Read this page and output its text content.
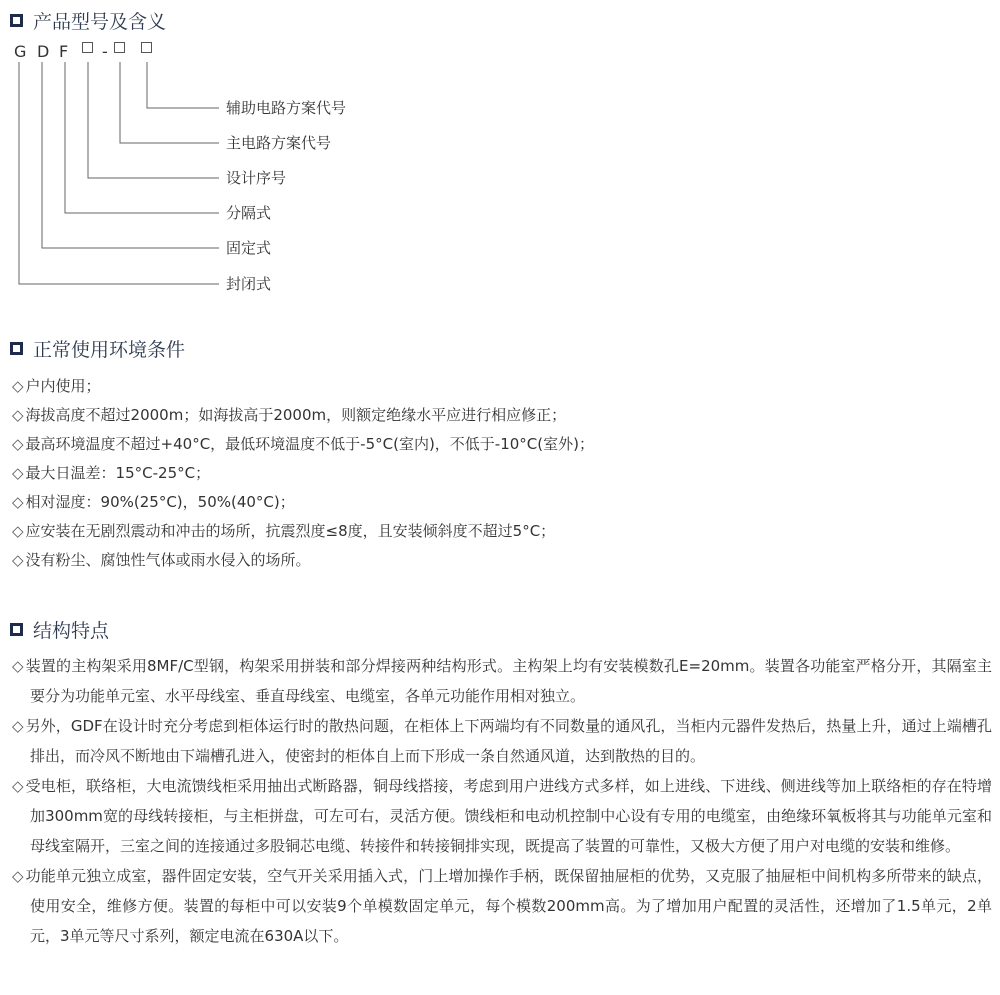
产品型号及含义
G D F -
辅助电路方案代号
主电路方案代号
设计序号
分隔式
固定式
封闭式
正常使用环境条件
◇ 户内使用；
◇ 海拔高度不超过2000m；如海拔高于2000m，则额定绝缘水平应进行相应修正；
◇ 最高环境温度不超过+40°C，最低环境温度不低于-5°C(室内)，不低于-10°C(室外)；
◇ 最大日温差：15°C-25°C；
◇ 相对湿度：90%(25°C)，50%(40°C)；
◇ 应安装在无剧烈震动和冲击的场所，抗震烈度≤8度，且安装倾斜度不超过5°C；
◇ 没有粉尘、腐蚀性气体或雨水侵入的场所。
结构特点
◇ 装置的主构架采用8MF/C型钢，构架采用拼装和部分焊接两种结构形式。主构架上均有安装模数孔E=20mm。装置各功能室严格分开，其隔室主要分为功能单元室、水平母线室、垂直母线室、电缆室，各单元功能作用相对独立。
◇ 另外，GDF在设计时充分考虑到柜体运行时的散热问题，在柜体上下两端均有不同数量的通风孔，当柜内元器件发热后，热量上升，通过上端槽孔排出，而冷风不断地由下端槽孔进入，使密封的柜体自上而下形成一条自然通风道，达到散热的目的。
◇ 受电柜，联络柜，大电流馈线柜采用抽出式断路器，铜母线搭接，考虑到用户进线方式多样，如上进线、下进线、侧进线等加上联络柜的存在特增加300mm宽的母线转接柜，与主柜拼盘，可左可右，灵活方便。馈线柜和电动机控制中心设有专用的电缆室，由绝缘环氧板将其与功能单元室和母线室隔开，三室之间的连接通过多股铜芯电缆、转接件和转接铜排实现，既提高了装置的可靠性，又极大方便了用户对电缆的安装和维修。
◇ 功能单元独立成室，器件固定安装，空气开关采用插入式，门上增加操作手柄，既保留抽屉柜的优势，又克服了抽屉柜中间机构多所带来的缺点，使用安全，维修方便。装置的每柜中可以安装9个单模数固定单元，每个模数200mm高。为了增加用户配置的灵活性，还增加了1.5单元，2单元，3单元等尺寸系列，额定电流在630A以下。
